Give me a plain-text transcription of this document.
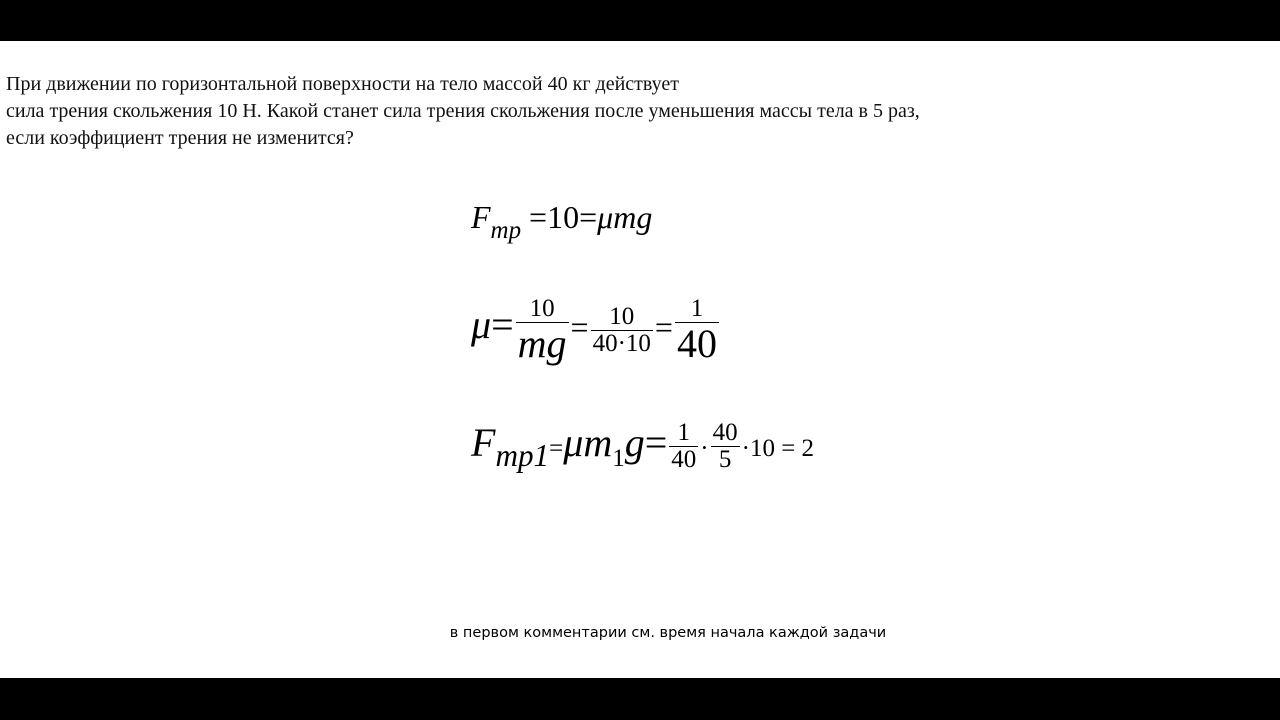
При движении по горизонтальной поверхности на тело массой 40 кг действует
сила трения скольжения 10 Н. Какой станет сила трения скольжения после уменьшения массы тела в 5 раз,
если коэффициент трения не изменится?
$F_{тр} =10=\mu mg$
$\mu= \frac{10}{mg} = \frac{10}{40\cdot 10} = \frac{1}{40}$
$F_{тр1}=\mu m_1g= \frac{1}{40} \cdot \frac{40}{5} \cdot 10 = 2$
в первом комментарии см. время начала каждой задачи
